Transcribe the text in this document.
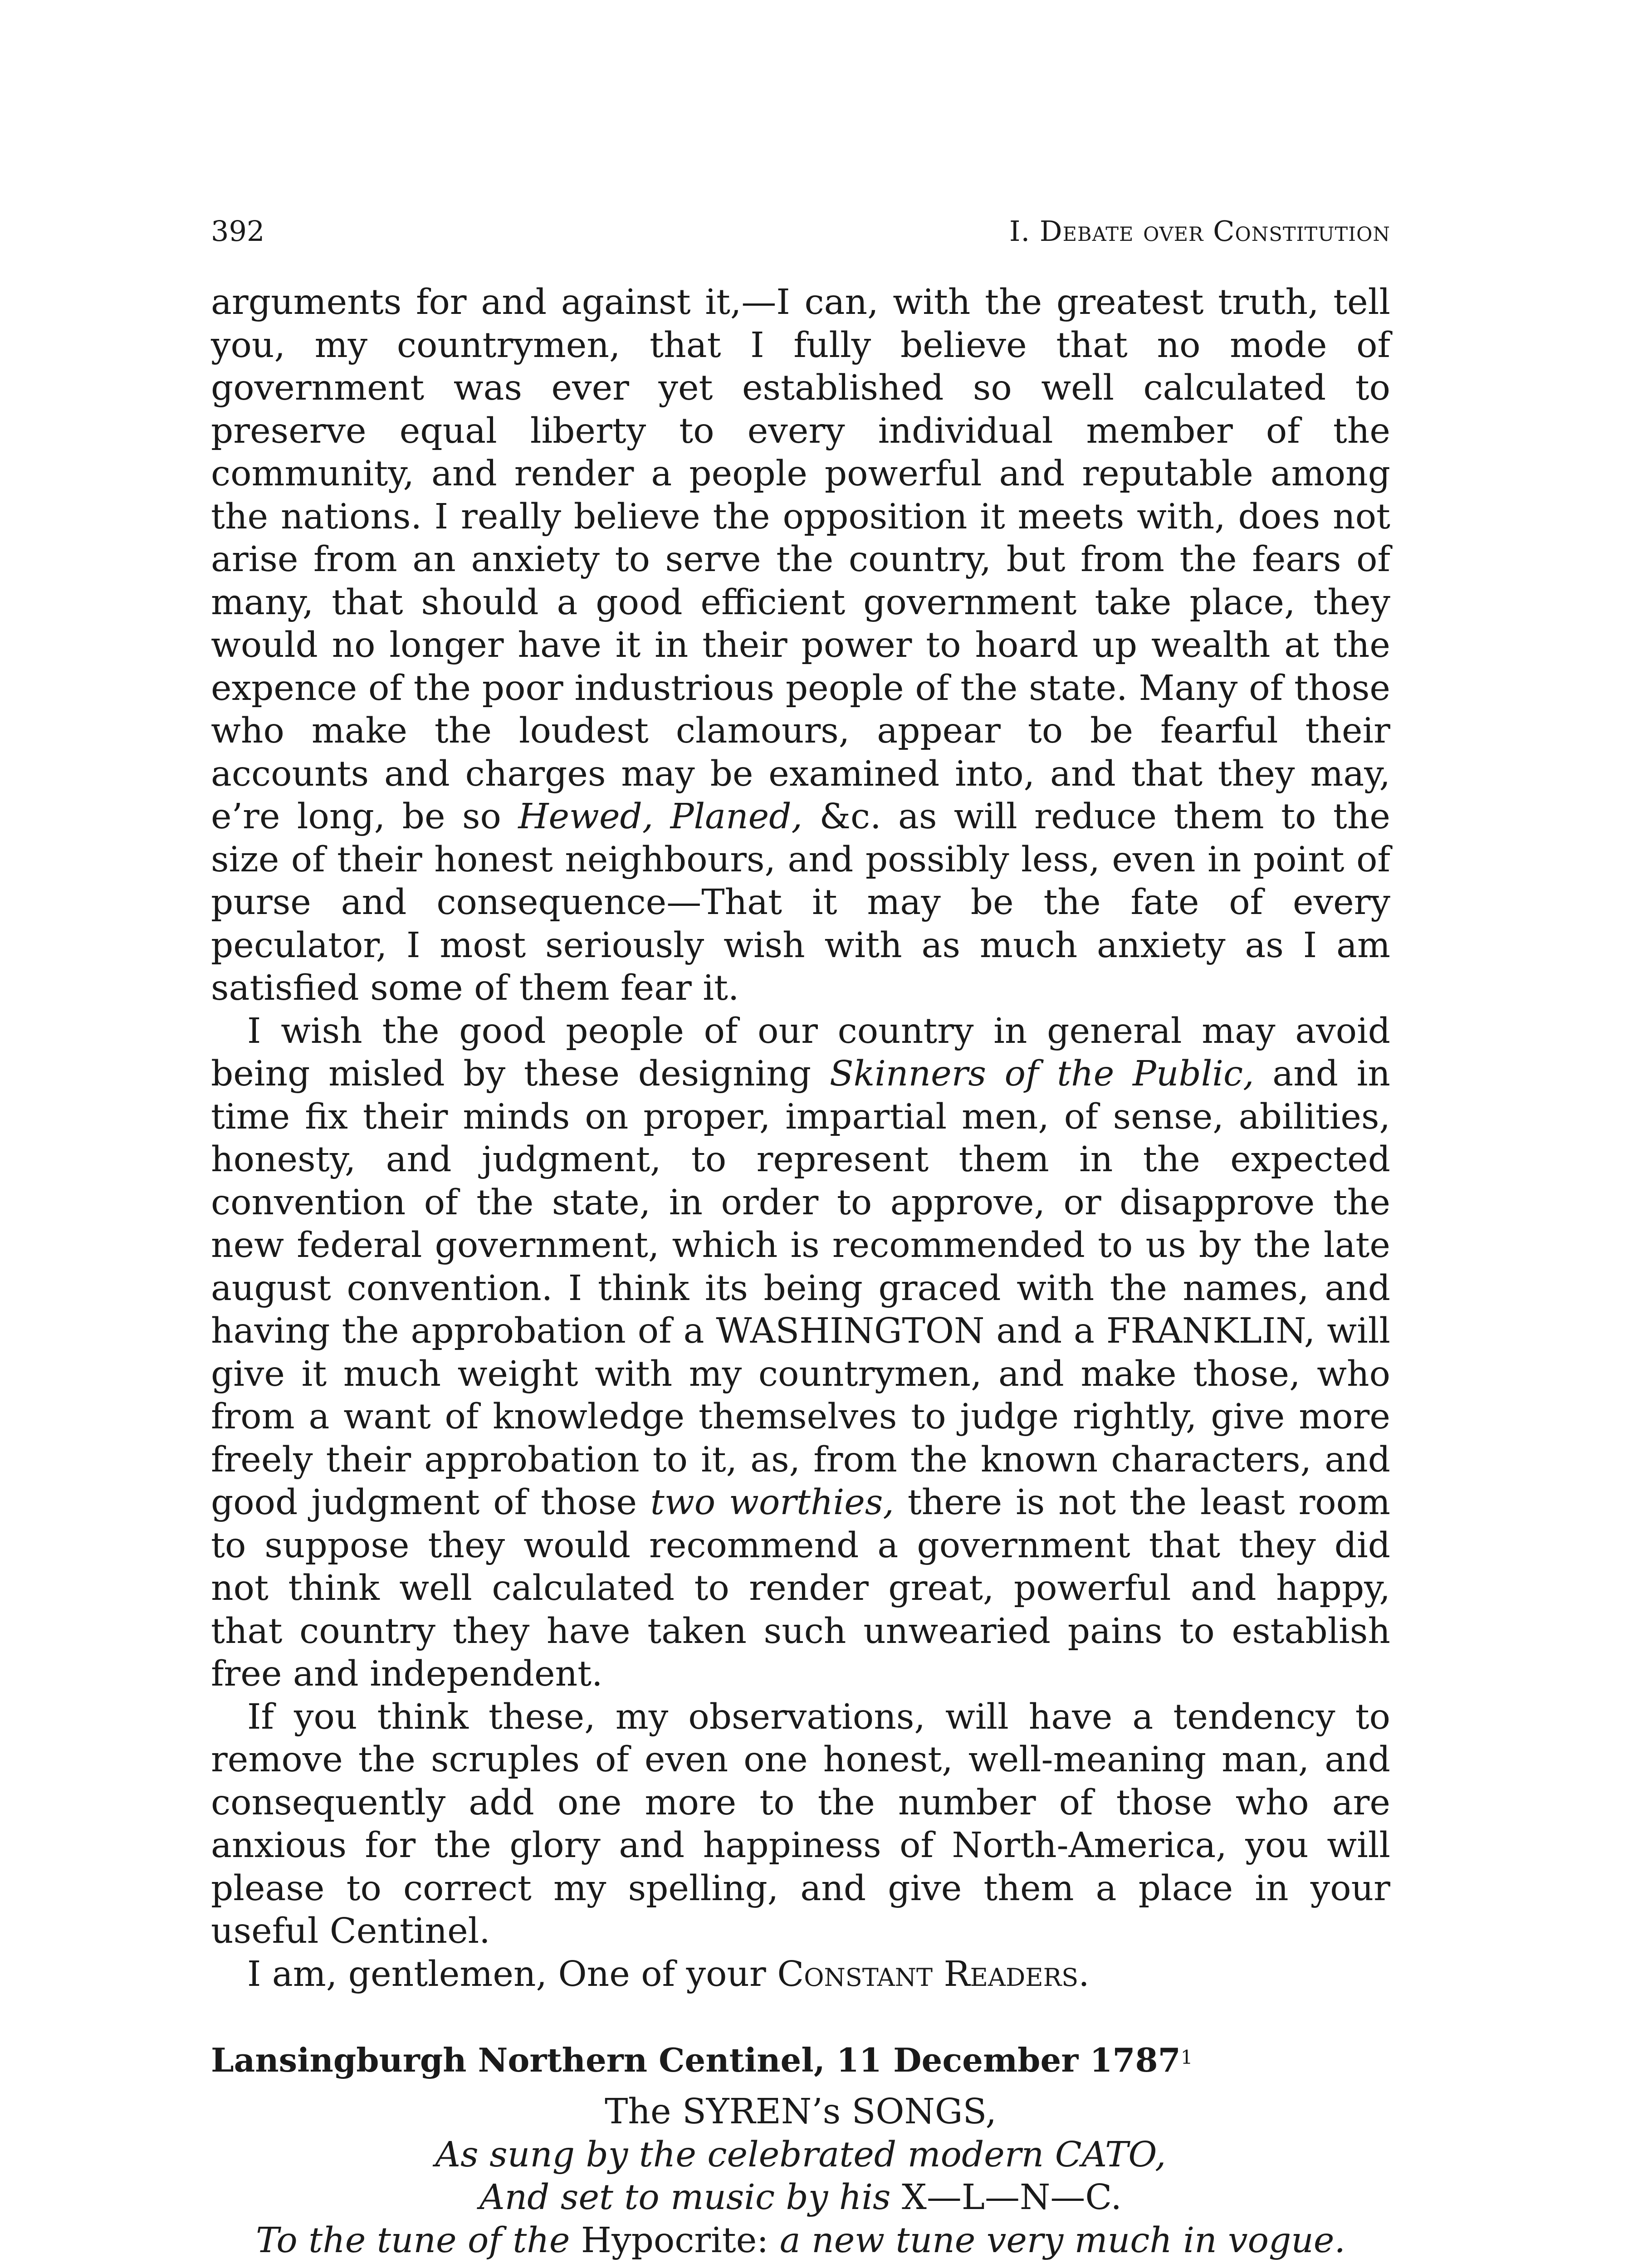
392	I. Debate over Constitution

arguments for and against it,—I can, with the greatest truth, tell you, my countrymen, that I fully believe that no mode of government was ever yet established so well calculated to preserve equal liberty to every individual member of the community, and render a people powerful and reputable among the nations. I really believe the opposition it meets with, does not arise from an anxiety to serve the country, but from the fears of many, that should a good efficient government take place, they would no longer have it in their power to hoard up wealth at the expence of the poor industrious people of the state. Many of those who make the loudest clamours, appear to be fearful their accounts and charges may be examined into, and that they may, e’re long, be so Hewed, Planed, &c. as will reduce them to the size of their honest neighbours, and possibly less, even in point of purse and consequence—That it may be the fate of every peculator, I most seriously wish with as much anxiety as I am satisfied some of them fear it.

I wish the good people of our country in general may avoid being misled by these designing Skinners of the Public, and in time fix their minds on proper, impartial men, of sense, abilities, honesty, and judgment, to represent them in the expected convention of the state, in order to approve, or disapprove the new federal government, which is recommended to us by the late august convention. I think its being graced with the names, and having the approbation of a WASHINGTON and a FRANKLIN, will give it much weight with my countrymen, and make those, who from a want of knowledge themselves to judge rightly, give more freely their approbation to it, as, from the known characters, and good judgment of those two worthies, there is not the least room to suppose they would recommend a government that they did not think well calculated to render great, powerful and happy, that country they have taken such unwearied pains to establish free and independent.

If you think these, my observations, will have a tendency to remove the scruples of even one honest, well-meaning man, and consequently add one more to the number of those who are anxious for the glory and happiness of North-America, you will please to correct my spelling, and give them a place in your useful Centinel.

I am, gentlemen, One of your Constant Readers.

Lansingburgh Northern Centinel, 11 December 1787$^1$
The SYREN’s SONGS,
As sung by the celebrated modern CATO,
And set to music by his X—L—N—C.
To the tune of the Hypocrite: a new tune very much in vogue.
